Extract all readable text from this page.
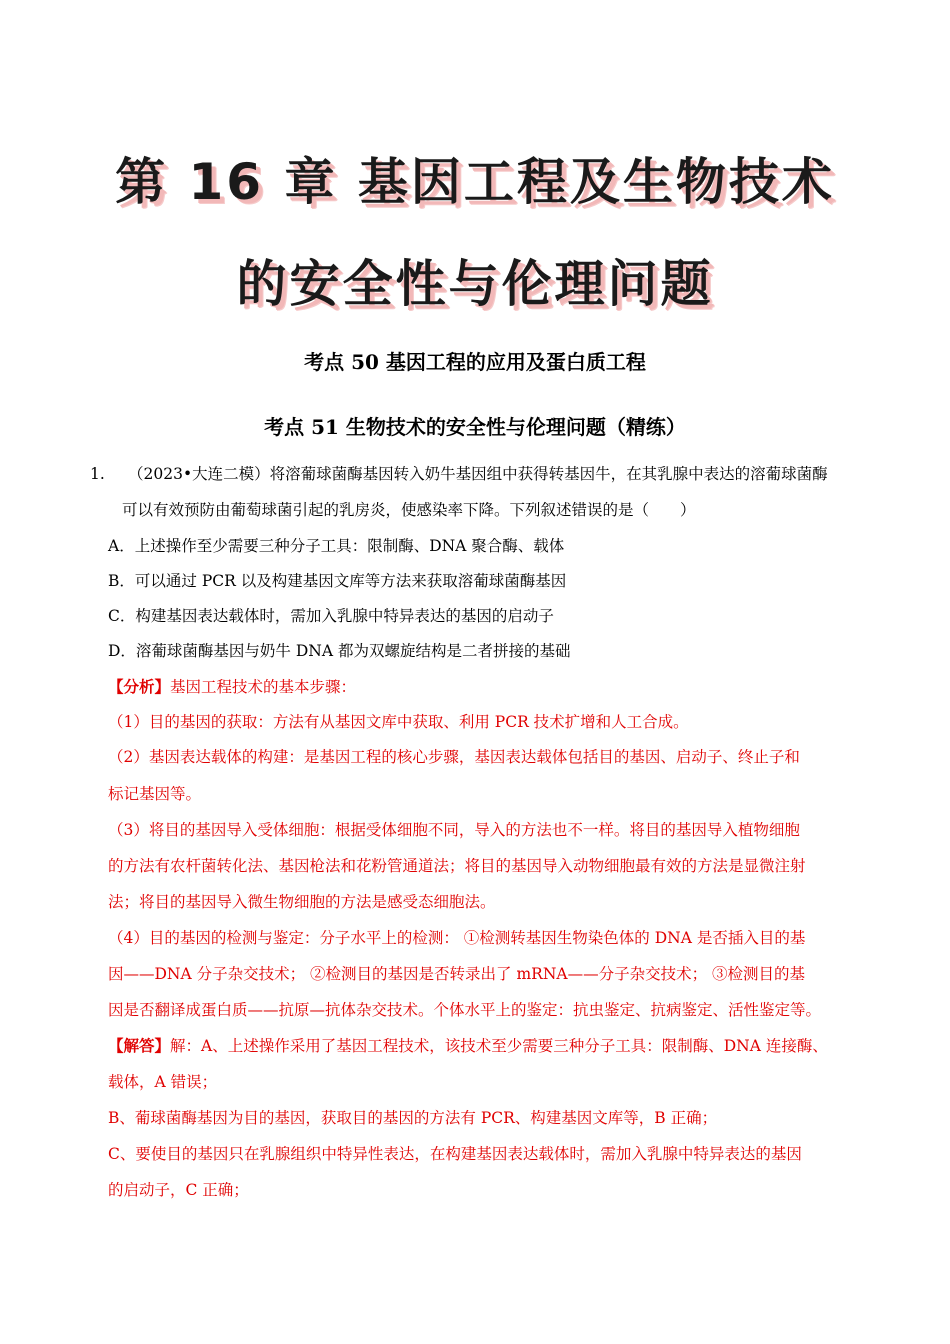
第 16 章 基因工程及生物技术
的安全性与伦理问题
考点 50 基因工程的应用及蛋白质工程
考点 51 生物技术的安全性与伦理问题（精练）
1. （2023•大连二模）将溶葡球菌酶基因转入奶牛基因组中获得转基因牛，在其乳腺中表达的溶葡球菌酶
可以有效预防由葡萄球菌引起的乳房炎，使感染率下降。下列叙述错误的是（　　）
A．上述操作至少需要三种分子工具：限制酶、DNA 聚合酶、载体
B．可以通过 PCR 以及构建基因文库等方法来获取溶葡球菌酶基因
C．构建基因表达载体时，需加入乳腺中特异表达的基因的启动子
D．溶葡球菌酶基因与奶牛 DNA 都为双螺旋结构是二者拼接的基础
【分析】基因工程技术的基本步骤：
（1）目的基因的获取：方法有从基因文库中获取、利用 PCR 技术扩增和人工合成。
（2）基因表达载体的构建：是基因工程的核心步骤，基因表达载体包括目的基因、启动子、终止子和
标记基因等。
（3）将目的基因导入受体细胞：根据受体细胞不同，导入的方法也不一样。将目的基因导入植物细胞
的方法有农杆菌转化法、基因枪法和花粉管通道法；将目的基因导入动物细胞最有效的方法是显微注射
法；将目的基因导入微生物细胞的方法是感受态细胞法。
（4）目的基因的检测与鉴定：分子水平上的检测： ①检测转基因生物染色体的 DNA 是否插入目的基
因——DNA 分子杂交技术； ②检测目的基因是否转录出了 mRNA——分子杂交技术； ③检测目的基
因是否翻译成蛋白质——抗原—抗体杂交技术。个体水平上的鉴定：抗虫鉴定、抗病鉴定、活性鉴定等。
【解答】解：A、上述操作采用了基因工程技术，该技术至少需要三种分子工具：限制酶、DNA 连接酶、
载体，A 错误；
B、葡球菌酶基因为目的基因，获取目的基因的方法有 PCR、构建基因文库等，B 正确；
C、要使目的基因只在乳腺组织中特异性表达，在构建基因表达载体时，需加入乳腺中特异表达的基因
的启动子，C 正确；
